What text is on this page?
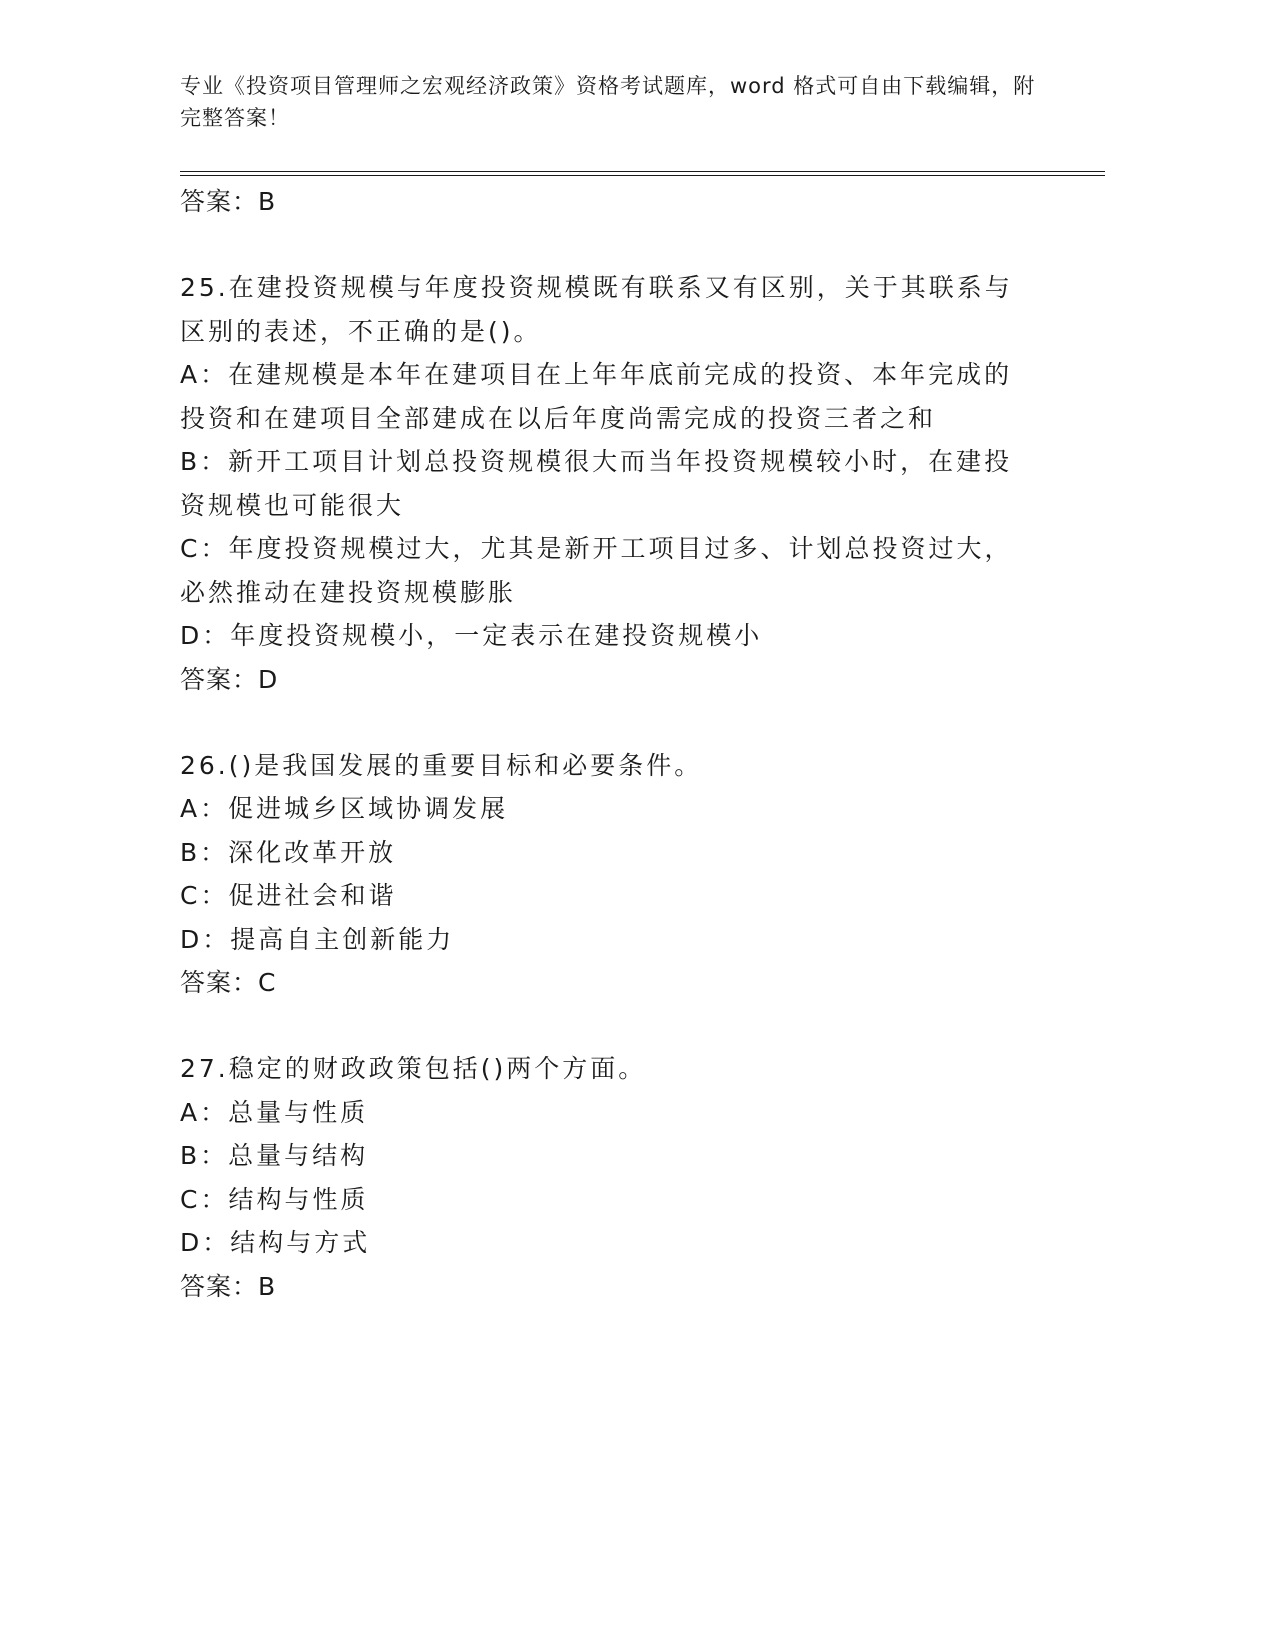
专业《投资项目管理师之宏观经济政策》资格考试题库，word 格式可自由下载编辑，附完整答案！

答案：B

25.在建投资规模与年度投资规模既有联系又有区别，关于其联系与区别的表述，不正确的是()。

A：在建规模是本年在建项目在上年年底前完成的投资、本年完成的投资和在建项目全部建成在以后年度尚需完成的投资三者之和

B：新开工项目计划总投资规模很大而当年投资规模较小时，在建投资规模也可能很大

C：年度投资规模过大，尤其是新开工项目过多、计划总投资过大，必然推动在建投资规模膨胀

D：年度投资规模小，一定表示在建投资规模小

答案：D

26.()是我国发展的重要目标和必要条件。

A：促进城乡区域协调发展

B：深化改革开放

C：促进社会和谐

D：提高自主创新能力

答案：C

27.稳定的财政政策包括()两个方面。

A：总量与性质

B：总量与结构

C：结构与性质

D：结构与方式

答案：B
